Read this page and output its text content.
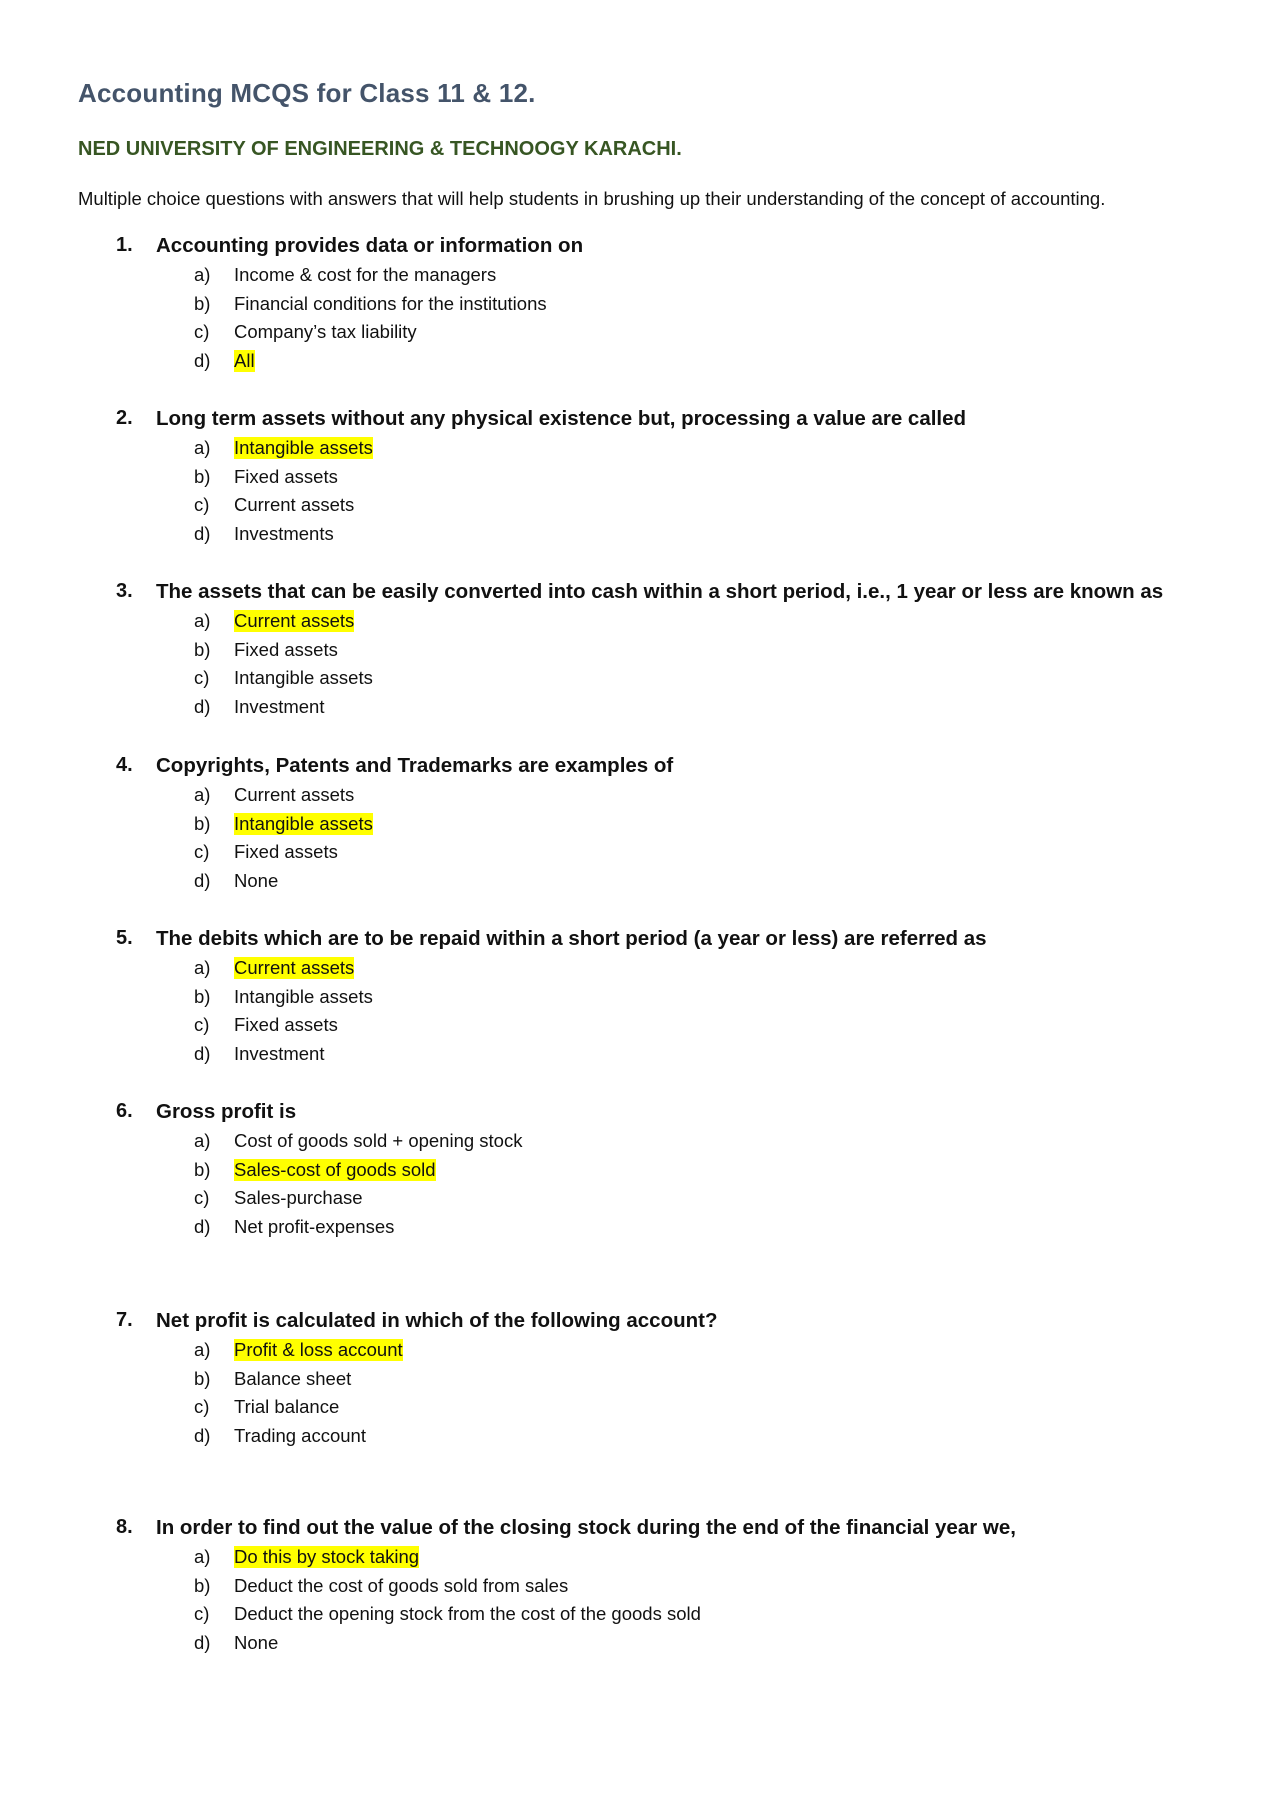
Accounting MCQS for Class 11 & 12.
NED UNIVERSITY OF ENGINEERING & TECHNOOGY KARACHI.
Multiple choice questions with answers that will help students in brushing up their understanding of the concept of accounting.
1. Accounting provides data or information on
a) Income & cost for the managers
b) Financial conditions for the institutions
c) Company’s tax liability
d) All
2. Long term assets without any physical existence but, processing a value are called
a) Intangible assets
b) Fixed assets
c) Current assets
d) Investments
3. The assets that can be easily converted into cash within a short period, i.e., 1 year or less are known as
a) Current assets
b) Fixed assets
c) Intangible assets
d) Investment
4. Copyrights, Patents and Trademarks are examples of
a) Current assets
b) Intangible assets
c) Fixed assets
d) None
5. The debits which are to be repaid within a short period (a year or less) are referred as
a) Current assets
b) Intangible assets
c) Fixed assets
d) Investment
6. Gross profit is
a) Cost of goods sold + opening stock
b) Sales-cost of goods sold
c) Sales-purchase
d) Net profit-expenses
7. Net profit is calculated in which of the following account?
a) Profit & loss account
b) Balance sheet
c) Trial balance
d) Trading account
8. In order to find out the value of the closing stock during the end of the financial year we,
a) Do this by stock taking
b) Deduct the cost of goods sold from sales
c) Deduct the opening stock from the cost of the goods sold
d) None
